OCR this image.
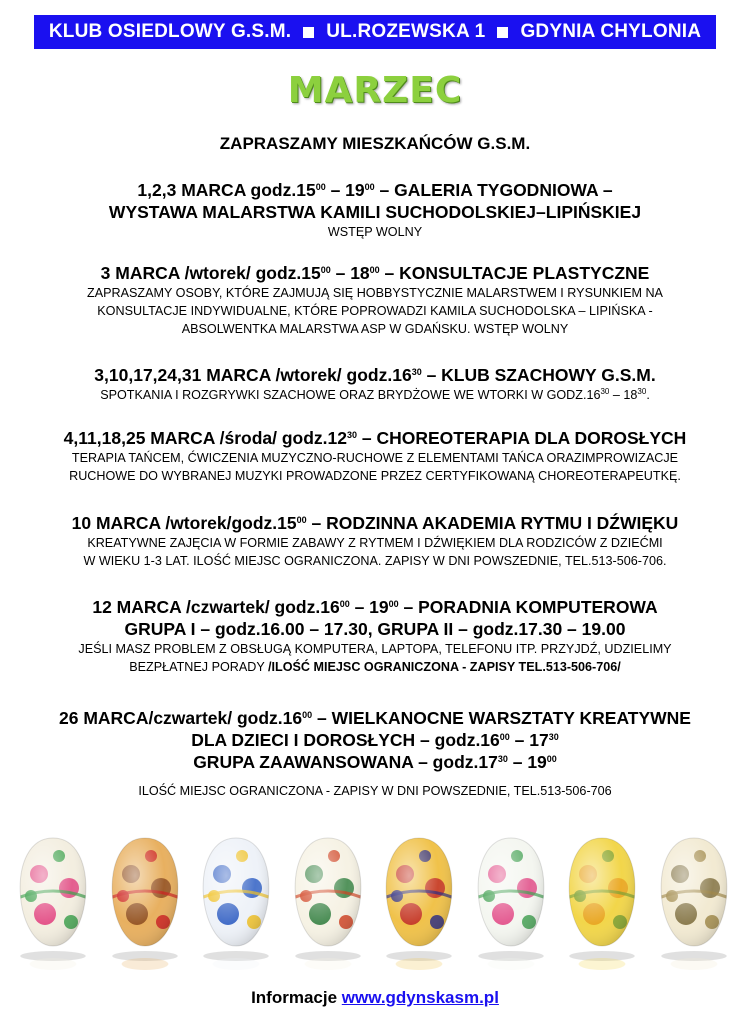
KLUB OSIEDLOWY G.S.M. UL.ROZEWSKA 1 GDYNIA CHYLONIA
MARZEC
ZAPRASZAMY MIESZKAŃCÓW G.S.M.
1,2,3 MARCA $godz.15^{00} - 19^{00}$ – GALERIA TYGODNIOWA –
WYSTAWA MALARSTWA KAMILI SUCHODOLSKIEJ–LIPIŃSKIEJ
WSTĘP WOLNY
3 MARCA /wtorek/ $godz.15^{00} - 18^{00}$ – KONSULTACJE PLASTYCZNE
ZAPRASZAMY OSOBY, KTÓRE ZAJMUJĄ SIĘ HOBBYSTYCZNIE MALARSTWEM I RYSUNKIEM NA
KONSULTACJE INDYWIDUALNE, KTÓRE POPROWADZI KAMILA SUCHODOLSKA – LIPIŃSKA -
ABSOLWENTKA MALARSTWA ASP W GDAŃSKU. WSTĘP WOLNY
3,10,17,24,31 MARCA /wtorek/ $godz.16^{30}$ – KLUB SZACHOWY G.S.M.
SPOTKANIA I ROZGRYWKI SZACHOWE ORAZ BRYDŻOWE WE WTORKI W $GODZ.16^{30} - 18^{30}$.
4,11,18,25 MARCA /środa/ $godz.12^{30}$ – CHOREOTERAPIA DLA DOROSŁYCH
TERAPIA TAŃCEM, ĆWICZENIA MUZYCZNO-RUCHOWE Z ELEMENTAMI TAŃCA ORAZIMPROWIZACJE
RUCHOWE DO WYBRANEJ MUZYKI PROWADZONE PRZEZ CERTYFIKOWANĄ CHOREOTERAPEUTKĘ.
10 MARCA $/wtorek/godz.15^{00}$ – RODZINNA AKADEMIA RYTMU I DŹWIĘKU
KREATYWNE ZAJĘCIA W FORMIE ZABAWY Z RYTMEM I DŹWIĘKIEM DLA RODZICÓW Z DZIEĆMI
W WIEKU 1-3 LAT. ILOŚĆ MIEJSC OGRANICZONA. ZAPISY W DNI POWSZEDNIE, TEL.513-506-706.
12 MARCA /czwartek/ $godz.16^{00} - 19^{00}$ – PORADNIA KOMPUTEROWA
GRUPA I – godz.16.00 – 17.30, GRUPA II – godz.17.30 – 19.00
JEŚLI MASZ PROBLEM Z OBSŁUGĄ KOMPUTERA, LAPTOPA, TELEFONU ITP. PRZYJDŹ, UDZIELIMY
BEZPŁATNEJ PORADY /ILOŚĆ MIEJSC OGRANICZONA - ZAPISY TEL.513-506-706/
26 MARCA/czwartek/ $godz.16^{00}$ – WIELKANOCNE WARSZTATY KREATYWNE
DLA DZIECI I DOROSŁYCH – $godz.16^{00} - 17^{30}$
GRUPA ZAAWANSOWANA – $godz.17^{30} - 19^{00}$
ILOŚĆ MIEJSC OGRANICZONA - ZAPISY W DNI POWSZEDNIE, TEL.513-506-706
Informacje www.gdynskasm.pl
